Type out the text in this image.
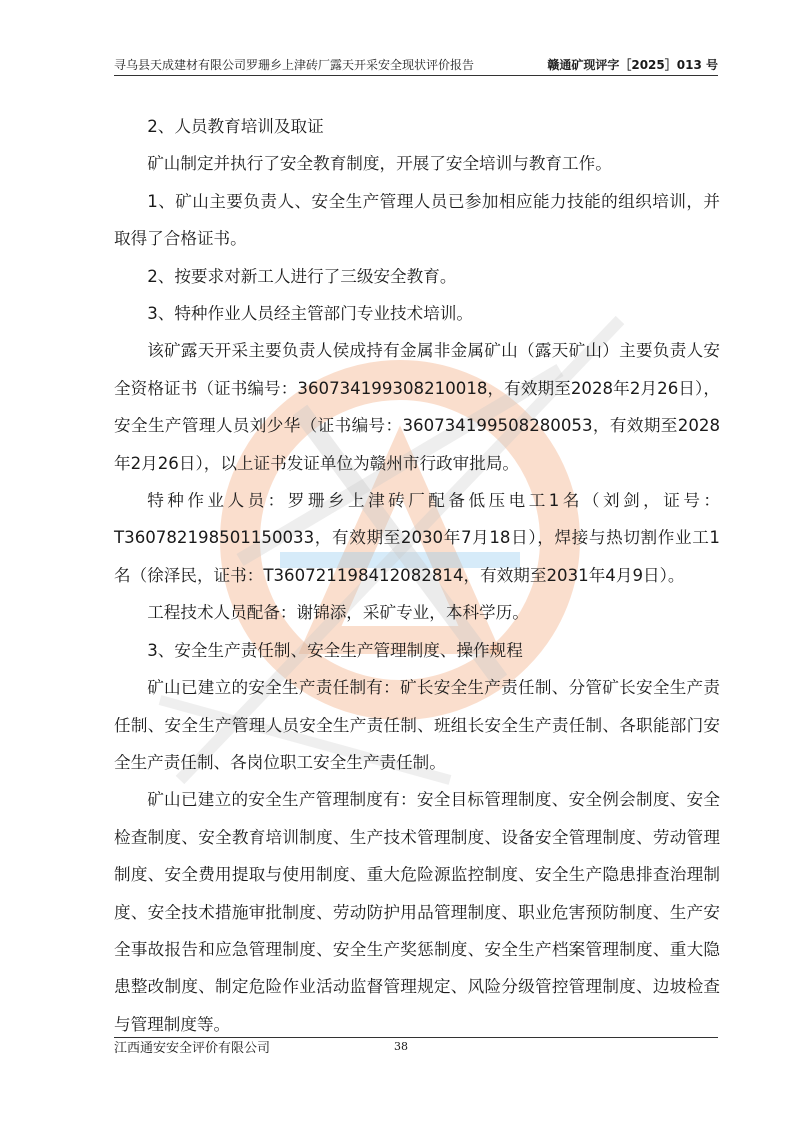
寻乌县天成建材有限公司罗珊乡上津砖厂露天开采安全现状评价报告	赣通矿现评字［2025］013 号

2、人员教育培训及取证

矿山制定并执行了安全教育制度，开展了安全培训与教育工作。

1、矿山主要负责人、安全生产管理人员已参加相应能力技能的组织培训，并取得了合格证书。

2、按要求对新工人进行了三级安全教育。

3、特种作业人员经主管部门专业技术培训。

该矿露天开采主要负责人侯成持有金属非金属矿山（露天矿山）主要负责人安全资格证书（证书编号：360734199308210018，有效期至2028年2月26日），安全生产管理人员刘少华（证书编号：360734199508280053，有效期至2028年2月26日），以上证书发证单位为赣州市行政审批局。

特种作业人员：罗珊乡上津砖厂配备低压电工1名（刘剑，证号：T360782198501150033，有效期至2030年7月18日），焊接与热切割作业工1名（徐泽民，证书：T360721198412082814，有效期至2031年4月9日）。

工程技术人员配备：谢锦添，采矿专业，本科学历。

3、安全生产责任制、安全生产管理制度、操作规程

矿山已建立的安全生产责任制有：矿长安全生产责任制、分管矿长安全生产责任制、安全生产管理人员安全生产责任制、班组长安全生产责任制、各职能部门安全生产责任制、各岗位职工安全生产责任制。

矿山已建立的安全生产管理制度有：安全目标管理制度、安全例会制度、安全检查制度、安全教育培训制度、生产技术管理制度、设备安全管理制度、劳动管理制度、安全费用提取与使用制度、重大危险源监控制度、安全生产隐患排查治理制度、安全技术措施审批制度、劳动防护用品管理制度、职业危害预防制度、生产安全事故报告和应急管理制度、安全生产奖惩制度、安全生产档案管理制度、重大隐患整改制度、制定危险作业活动监督管理规定、风险分级管控管理制度、边坡检查与管理制度等。

江西通安安全评价有限公司	38
